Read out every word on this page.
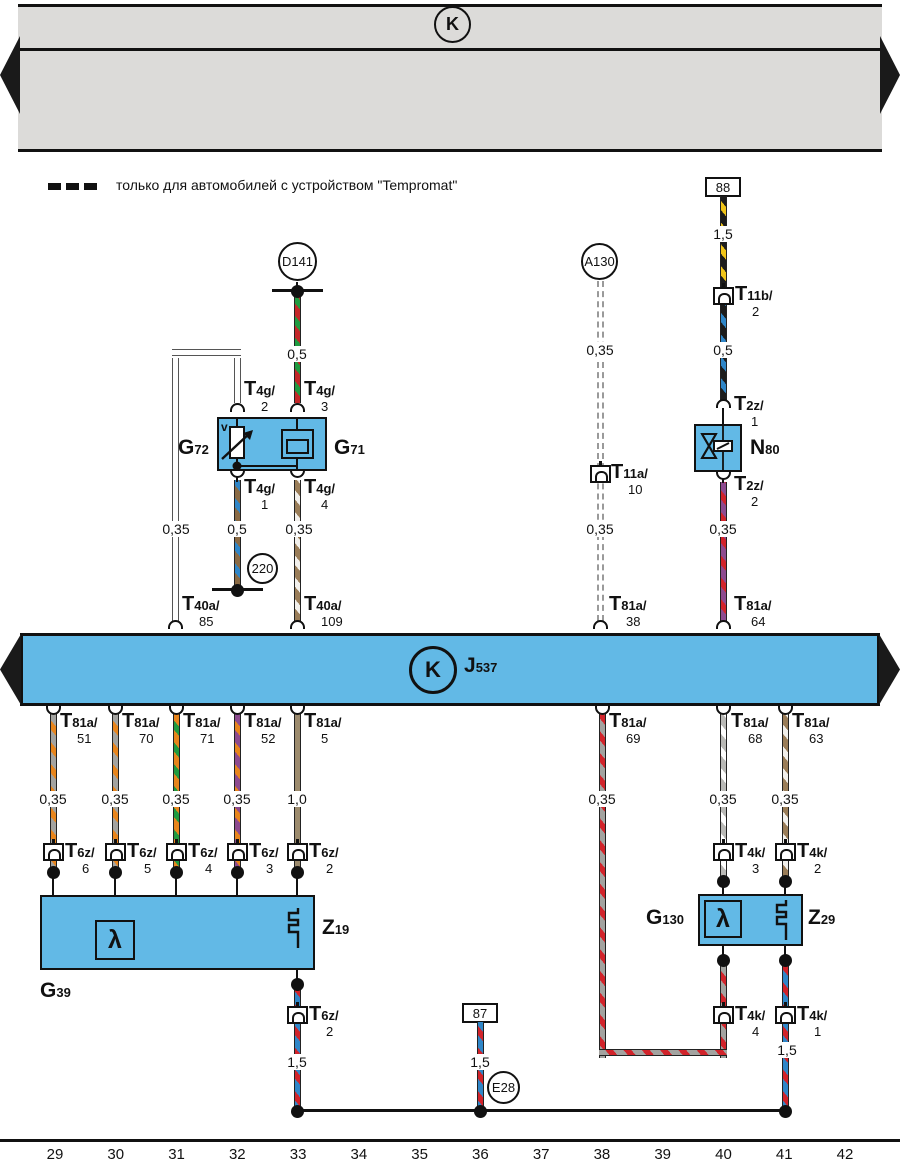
K
только для автомобилей с устройством "Tempromat"	88
87
T4g/
2
T4g/
3
T4g/
1
T4g/
4
T40a/
85
T40a/
109
T11b/
2
T2z/
1
T2z/
2
T11a/
10
T81a/
38
T81a/
64
T81a/
51
T81a/
70
T81a/
71
T81a/
52
T81a/
5
T81a/
69
T81a/
68
T81a/
63
T6z/
6
T6z/
5
T6z/
4
T6z/
3
T6z/
2
T4k/
3
T4k/
2
T6z/
2
T4k/
4
T4k/
1
0,5
1,5
0,5
0,35
0,35	0,5	0,35	0,35	0,35
0,35 0,35 0,35 0,35	1,0	0,35	0,35 0,35
1,5	1,5
1,5
D141	A130
220
E28
29	30	31	32	33	34	35	36	37	38	39	40	41	42
v
K J537
λ
λ
G72	G71	N80
G39
Z19
G130	Z29
